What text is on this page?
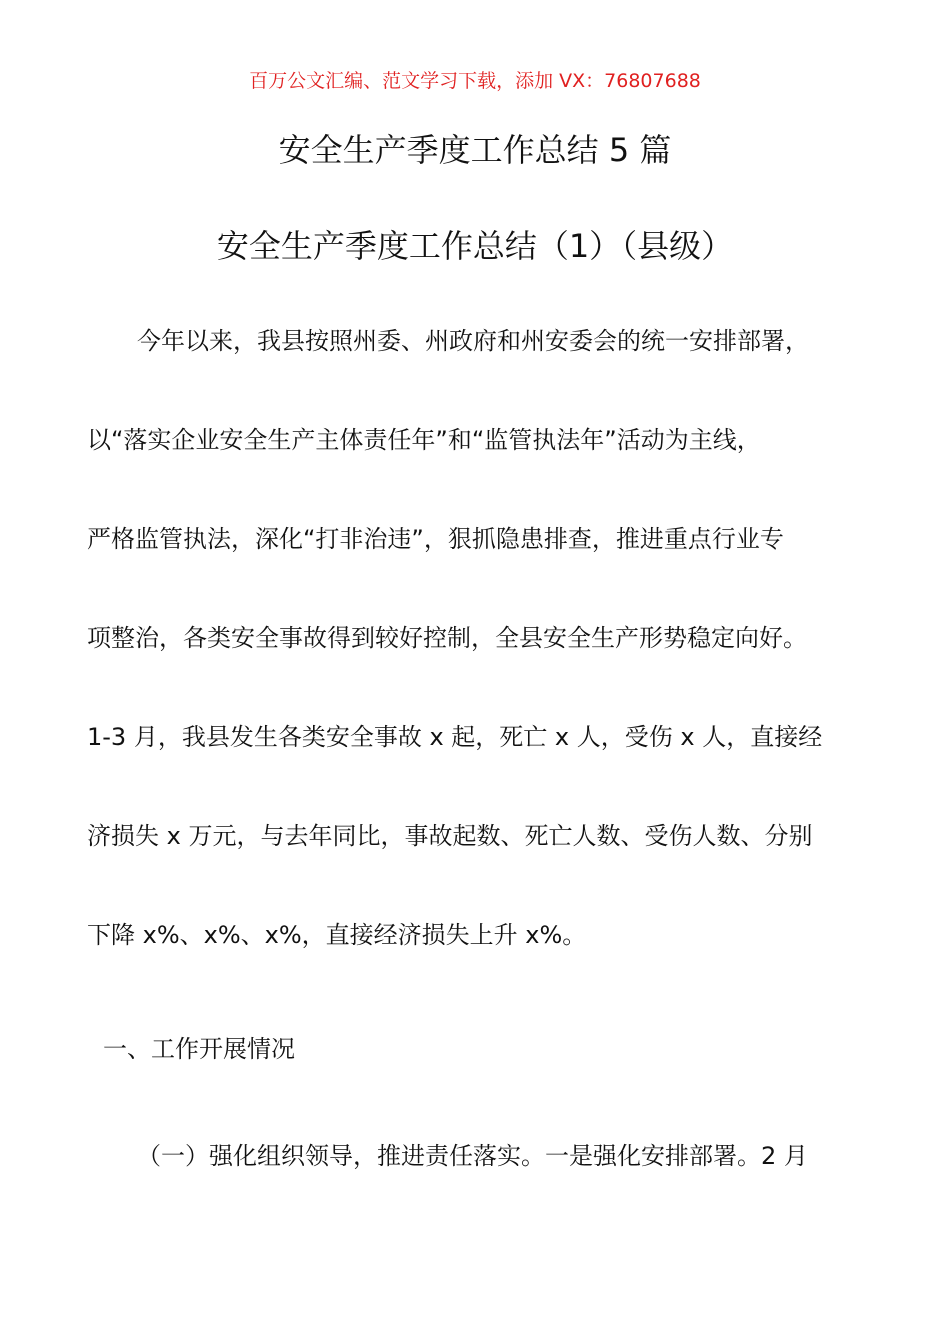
百万公文汇编、范文学习下载，添加 VX：76807688
安全生产季度工作总结 5 篇
安全生产季度工作总结（1）（县级）
今年以来，我县按照州委、州政府和州安委会的统一安排部署，
以“落实企业安全生产主体责任年”和“监管执法年”活动为主线，
严格监管执法，深化“打非治违”，狠抓隐患排查，推进重点行业专
项整治，各类安全事故得到较好控制，全县安全生产形势稳定向好。
1-3 月，我县发生各类安全事故 x 起，死亡 x 人，受伤 x 人，直接经
济损失 x 万元，与去年同比，事故起数、死亡人数、受伤人数、分别
下降 x%、x%、x%，直接经济损失上升 x%。
一、工作开展情况
（一）强化组织领导，推进责任落实。一是强化安排部署。2 月
